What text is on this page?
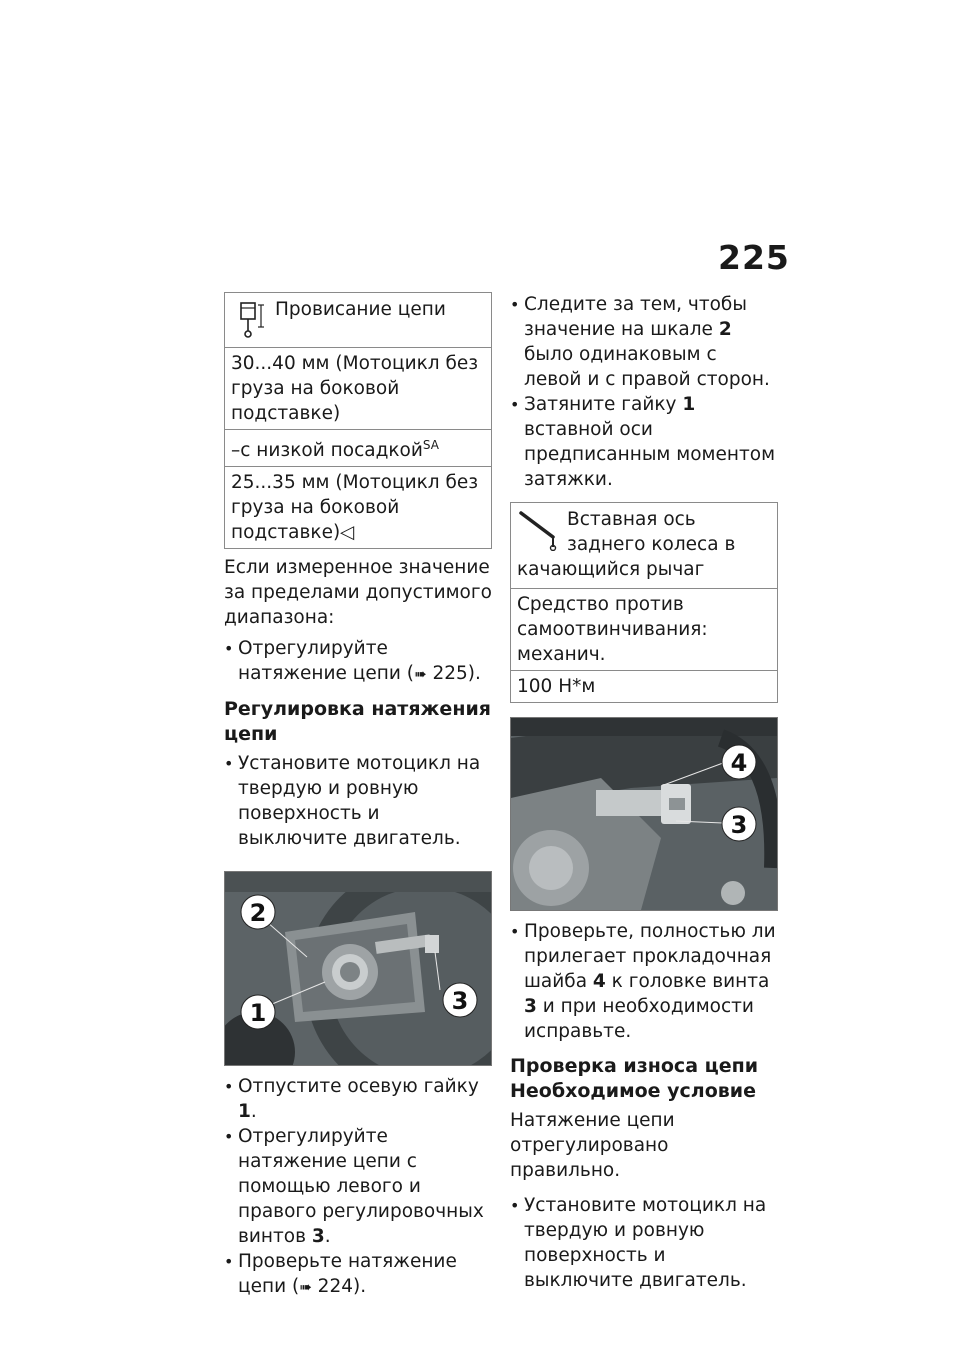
225
Провисание цепи
30...40 мм (Мотоцикл без груза на боковой подставке)
–с низкой посадкой$^{SA}$
25...35 мм (Мотоцикл без груза на боковой подставке)◁

Если измеренное значение за пределами допустимого диапазона:

• Отрегулируйте натяжение цепи (➠ 225).

Регулировка натяжения цепи

• Установите мотоцикл на твердую и ровную поверхность и выключите двигатель.

2
1	3

• Отпустите осевую гайку 1.

• Отрегулируйте натяжение цепи с помощью левого и правого регулировочных винтов 3.

• Проверьте натяжение цепи (➠ 224).

• Следите за тем, чтобы значение на шкале 2 было одинаковым с левой и с правой сторон.

• Затяните гайку 1 вставной оси предписанным моментом затяжки.

Вставная ось заднего колеса в качающийся рычаг
Средство против самоотвинчивания: механич.
100 Н*м
4
3

• Проверьте, полностью ли прилегает прокладочная шайба 4 к головке винта 3 и при необходимости исправьте.

Проверка износа цепи
Необходимое условие

Натяжение цепи отрегулировано правильно.

• Установите мотоцикл на твердую и ровную поверхность и выключите двигатель.
